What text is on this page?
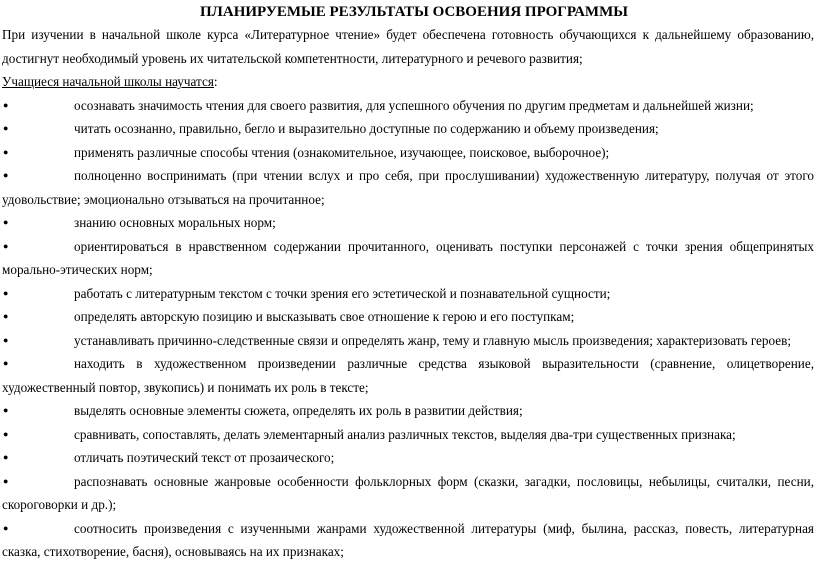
ПЛАНИРУЕМЫЕ РЕЗУЛЬТАТЫ ОСВОЕНИЯ ПРОГРАММЫ

При изучении в начальной школе курса «Литературное чтение» будет обеспечена готовность обучающихся к дальнейшему образованию, достигнут необходимый уровень их читательской компетентности, литературного и речевого развития;

Учащиеся начальной школы научатся:

●	осознавать значимость чтения для своего развития, для успешного обучения по другим предметам и дальнейшей жизни;
●	читать осознанно, правильно, бегло и выразительно доступные по содержанию и объему произведения;
●	применять различные способы чтения (ознакомительное, изучающее, поисковое, выборочное);
●	полноценно воспринимать (при чтении вслух и про себя, при прослушивании) художественную литературу, получая от этого удовольствие; эмоционально отзываться на прочитанное;
●	знанию основных моральных норм;
●	ориентироваться в нравственном содержании прочитанного, оценивать поступки персонажей с точки зрения общепринятых морально-этических норм;
●	работать с литературным текстом с точки зрения его эстетической и познавательной сущности;
●	определять авторскую позицию и высказывать свое отношение к герою и его поступкам;
●	устанавливать причинно-следственные связи и определять жанр, тему и главную мысль произведения; характеризовать героев;
●	находить в художественном произведении различные средства языковой выразительности (сравнение, олицетворение, художественный повтор, звукопись) и понимать их роль в тексте;
●	выделять основные элементы сюжета, определять их роль в развитии действия;
●	сравнивать, сопоставлять, делать элементарный анализ различных текстов, выделяя два-три существенных признака;
●	отличать поэтический текст от прозаического;
●	распознавать основные жанровые особенности фольклорных форм (сказки, загадки, пословицы, небылицы, считалки, песни, скороговорки и др.);
●	соотносить произведения с изученными жанрами художественной литературы (миф, былина, рассказ, повесть, литературная сказка, стихотворение, басня), основываясь на их признаках;
